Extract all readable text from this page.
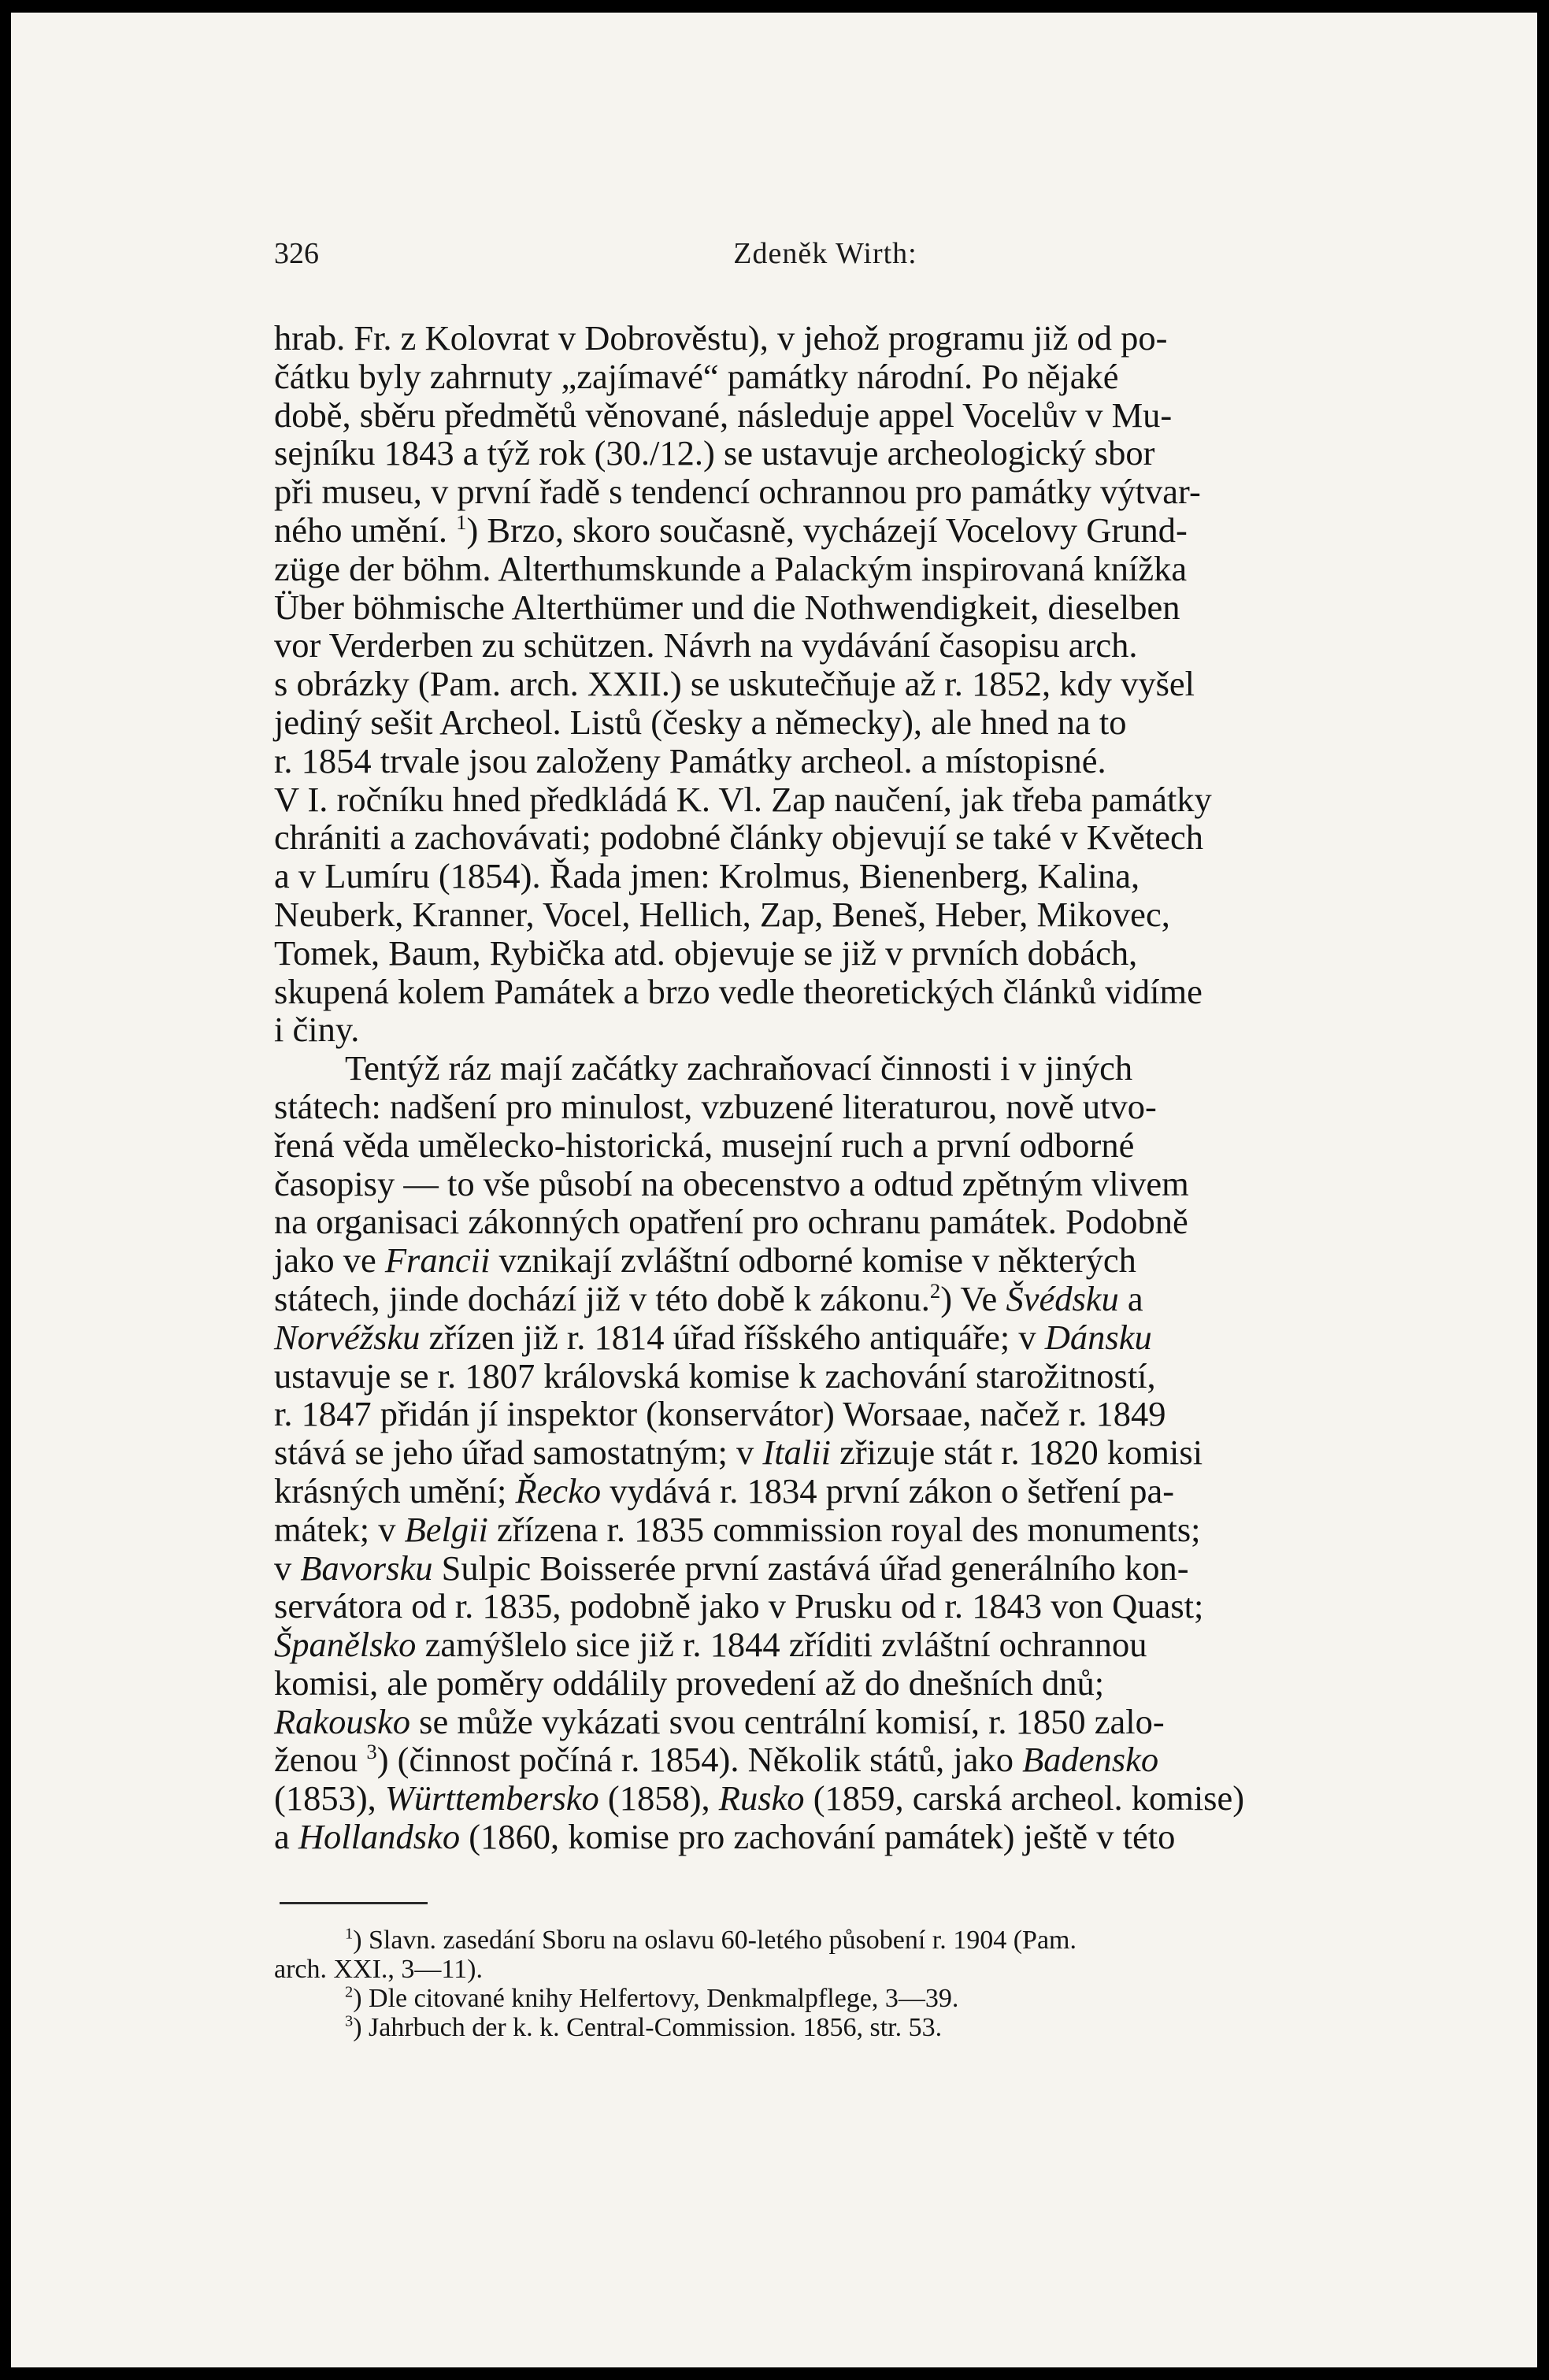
326	Zdeněk Wirth:
hrab. Fr. z Kolovrat v Dobrověstu), v jehož programu již od po-
čátku byly zahrnuty „zajímavé“ památky národní. Po nějaké
době, sběru předmětů věnované, následuje appel Vocelův v Mu-
sejníku 1843 a týž rok (30./12.) se ustavuje archeologický sbor
při museu, v první řadě s tendencí ochrannou pro památky výtvar-
ného umění. $^1$) Brzo, skoro současně, vycházejí Vocelovy Grund-
züge der böhm. Alterthumskunde a Palackým inspirovaná knížka
Über böhmische Alterthümer und die Nothwendigkeit, dieselben
vor Verderben zu schützen. Návrh na vydávání časopisu arch.
s obrázky (Pam. arch. XXII.) se uskutečňuje až r. 1852, kdy vyšel
jediný sešit Archeol. Listů (česky a německy), ale hned na to
r. 1854 trvale jsou založeny Památky archeol. a místopisné.
V I. ročníku hned předkládá K. Vl. Zap naučení, jak třeba památky
chrániti a zachovávati; podobné články objevují se také v Květech
a v Lumíru (1854). Řada jmen: Krolmus, Bienenberg, Kalina,
Neuberk, Kranner, Vocel, Hellich, Zap, Beneš, Heber, Mikovec,
Tomek, Baum, Rybička atd. objevuje se již v prvních dobách,
skupená kolem Památek a brzo vedle theoretických článků vidíme
i činy.
Tentýž ráz mají začátky zachraňovací činnosti i v jiných
státech: nadšení pro minulost, vzbuzené literaturou, nově utvo-
řená věda umělecko-historická, musejní ruch a první odborné
časopisy — to vše působí na obecenstvo a odtud zpětným vlivem
na organisaci zákonných opatření pro ochranu památek. Podobně
jako ve Francii vznikají zvláštní odborné komise v některých
státech, jinde dochází již v této době k zákonu.$^2$) Ve Švédsku a
Norvéžsku zřízen již r. 1814 úřad říšského antiquáře; v Dánsku
ustavuje se r. 1807 královská komise k zachování starožitností,
r. 1847 přidán jí inspektor (konservátor) Worsaae, načež r. 1849
stává se jeho úřad samostatným; v Italii zřizuje stát r. 1820 komisi
krásných umění; Řecko vydává r. 1834 první zákon o šetření pa-
mátek; v Belgii zřízena r. 1835 commission royal des monuments;
v Bavorsku Sulpic Boisserée první zastává úřad generálního kon-
servátora od r. 1835, podobně jako v Prusku od r. 1843 von Quast;
Španělsko zamýšlelo sice již r. 1844 zříditi zvláštní ochrannou
komisi, ale poměry oddálily provedení až do dnešních dnů;
Rakousko se může vykázati svou centrální komisí, r. 1850 zalo-
ženou $^3$) (činnost počíná r. 1854). Několik států, jako Badensko
(1853), Württembersko (1858), Rusko (1859, carská archeol. komise)
a Hollandsko (1860, komise pro zachování památek) ještě v této
$^1$) Slavn. zasedání Sboru na oslavu 60-letého působení r. 1904 (Pam.
arch. XXI., 3—11).
$^2$) Dle citované knihy Helfertovy, Denkmalpflege, 3—39.
$^3$) Jahrbuch der k. k. Central-Commission. 1856, str. 53.
